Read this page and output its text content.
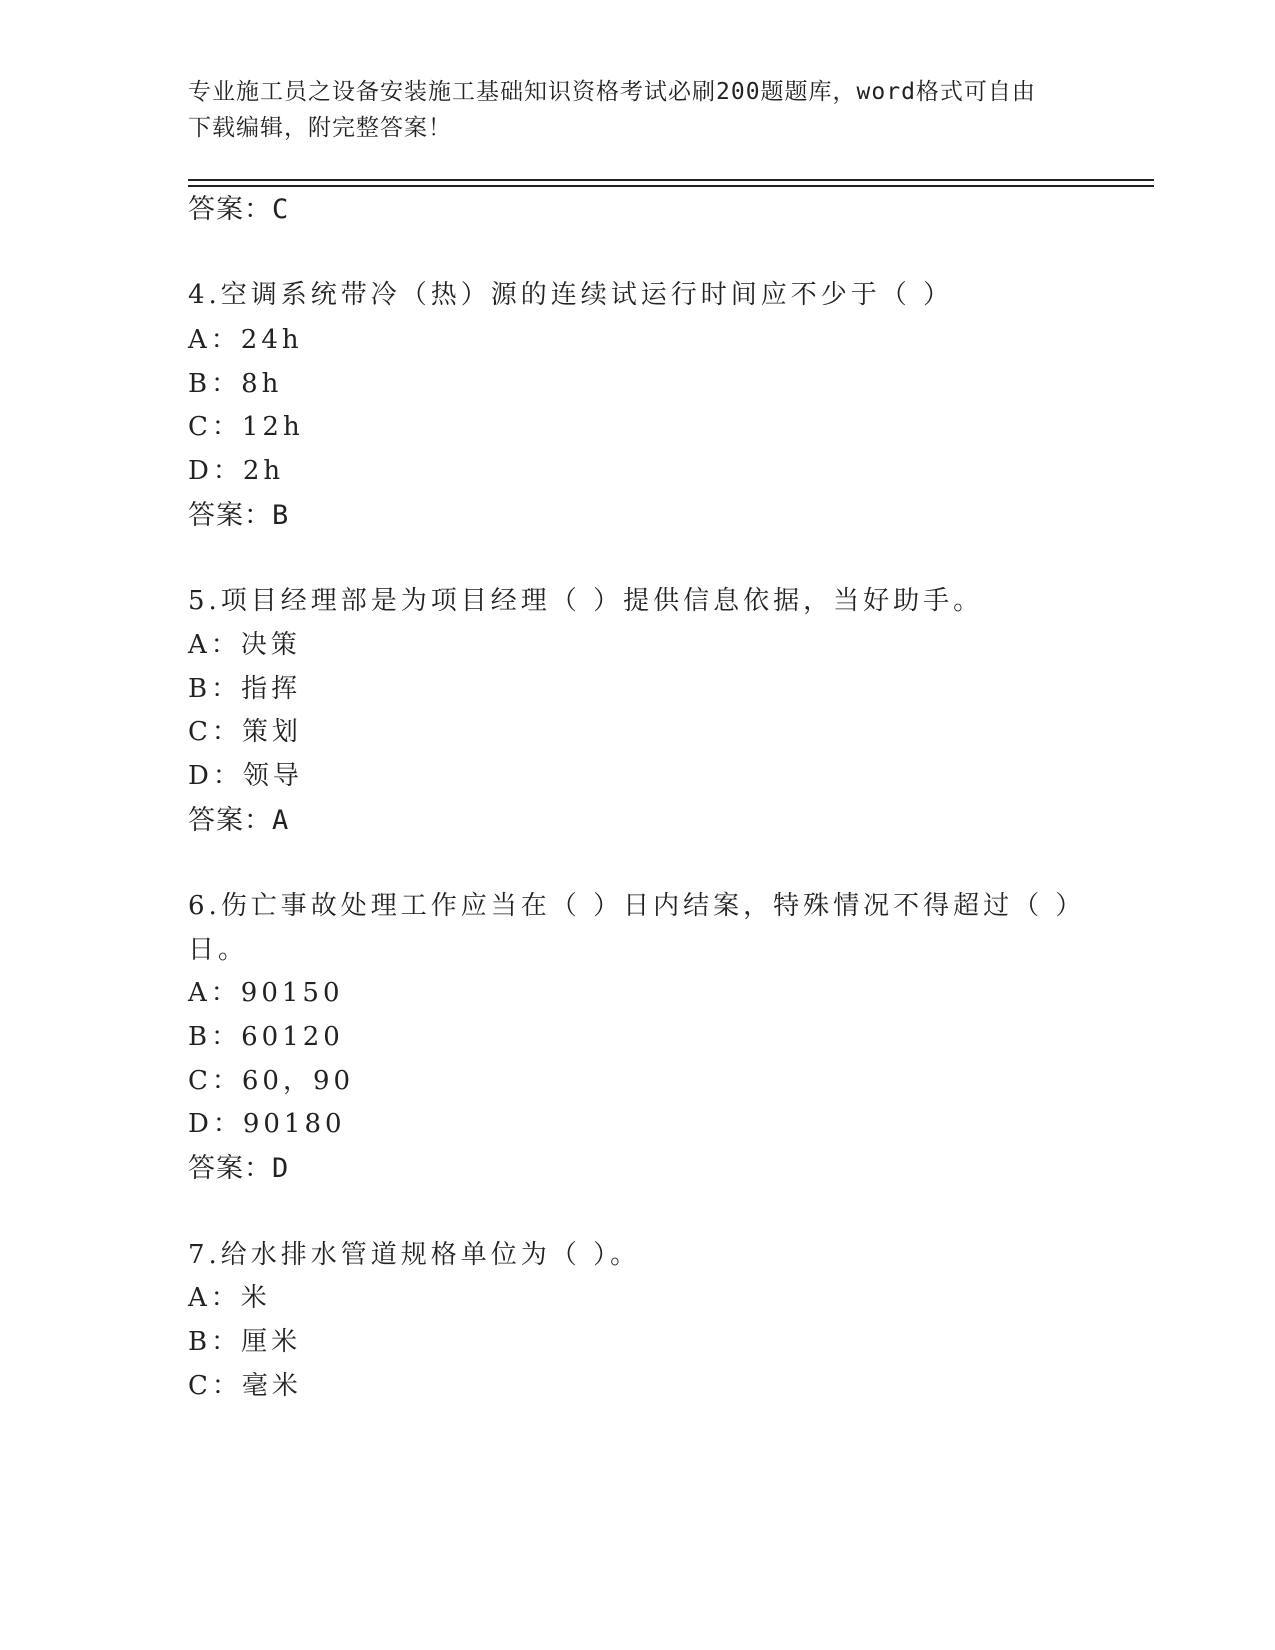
专业施工员之设备安装施工基础知识资格考试必刷200题题库，word格式可自由
下载编辑，附完整答案！
答案：C
4.空调系统带冷（热）源的连续试运行时间应不少于（ ）
A：24h
B：8h
C：12h
D：2h
答案：B
5.项目经理部是为项目经理（ ）提供信息依据，当好助手。
A：决策
B：指挥
C：策划
D：领导
答案：A
6.伤亡事故处理工作应当在（ ）日内结案，特殊情况不得超过（ ）
日。
A：90150
B：60120
C：60，90
D：90180
答案：D
7.给水排水管道规格单位为（ ）。
A：米
B：厘米
C：毫米
